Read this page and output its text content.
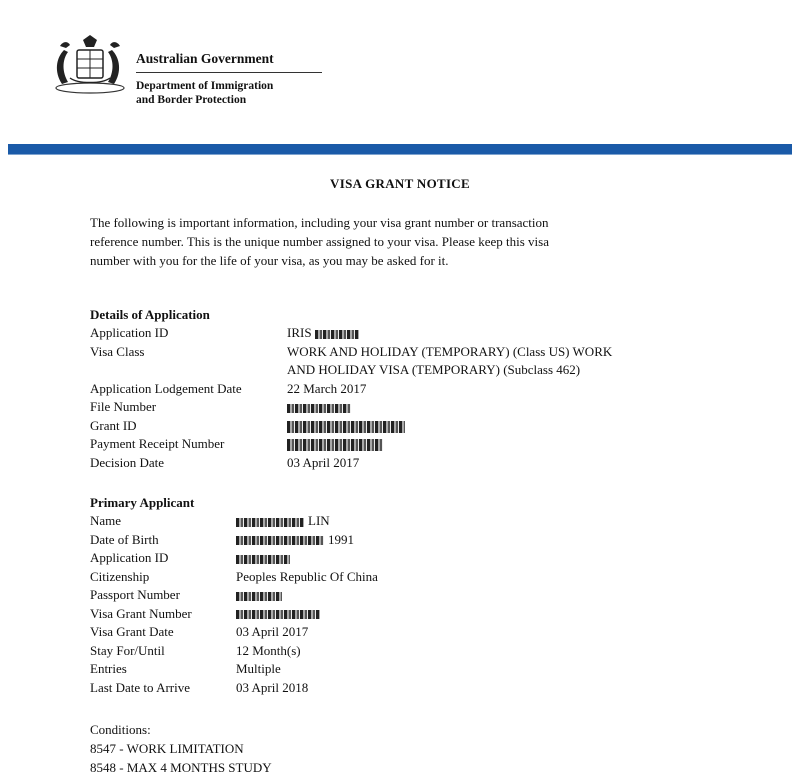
Australian Government
Department of Immigration
and Border Protection
VISA GRANT NOTICE
The following is important information, including your visa grant number or transaction
reference number. This is the unique number assigned to your visa. Please keep this visa
number with you for the life of your visa, as you may be asked for it.
Details of Application
Application ID	IRIS
Visa Class	WORK AND HOLIDAY (TEMPORARY) (Class US) WORK
AND HOLIDAY VISA (TEMPORARY) (Subclass 462)
Application Lodgement Date	22 March 2017
File Number
Grant ID
Payment Receipt Number
Decision Date	03 April 2017
Primary Applicant
Name	LIN
Date of Birth	1991
Application ID
Citizenship	Peoples Republic Of China
Passport Number
Visa Grant Number
Visa Grant Date	03 April 2017
Stay For/Until	12 Month(s)
Entries	Multiple
Last Date to Arrive	03 April 2018
Conditions:
8547 - WORK LIMITATION
8548 - MAX 4 MONTHS STUDY
